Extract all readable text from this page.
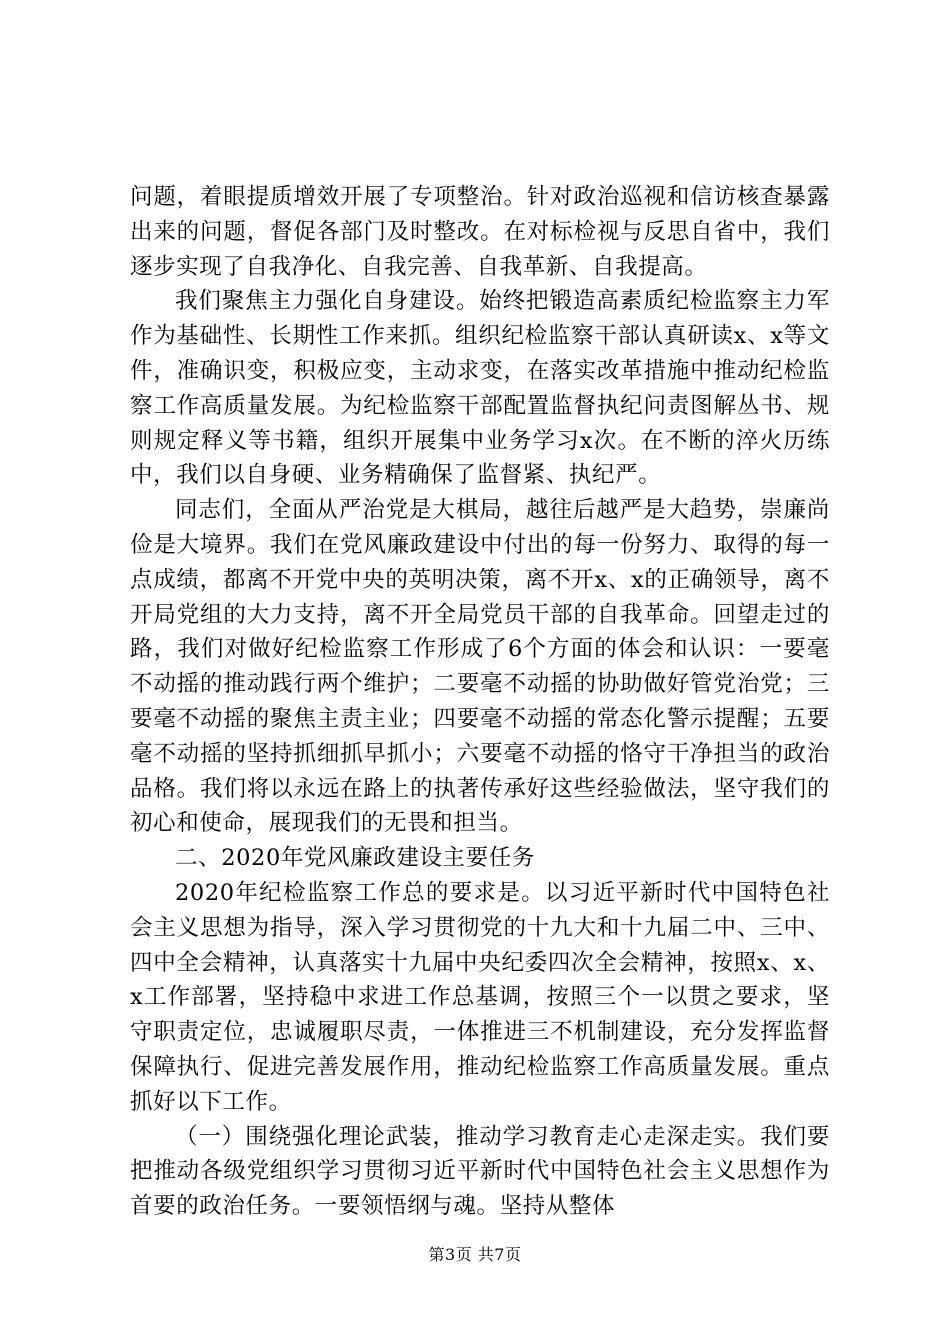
问题，着眼提质增效开展了专项整治。针对政治巡视和信访核查暴露出来的问题，督促各部门及时整改。在对标检视与反思自省中，我们逐步实现了自我净化、自我完善、自我革新、自我提高。

我们聚焦主力强化自身建设。始终把锻造高素质纪检监察主力军作为基础性、长期性工作来抓。组织纪检监察干部认真研读x、x等文件，准确识变，积极应变，主动求变，在落实改革措施中推动纪检监察工作高质量发展。为纪检监察干部配置监督执纪问责图解丛书、规则规定释义等书籍，组织开展集中业务学习x次。在不断的淬火历练中，我们以自身硬、业务精确保了监督紧、执纪严。

同志们，全面从严治党是大棋局，越往后越严是大趋势，崇廉尚俭是大境界。我们在党风廉政建设中付出的每一份努力、取得的每一点成绩，都离不开党中央的英明决策，离不开x、x的正确领导，离不开局党组的大力支持，离不开全局党员干部的自我革命。回望走过的路，我们对做好纪检监察工作形成了6个方面的体会和认识：一要毫不动摇的推动践行两个维护；二要毫不动摇的协助做好管党治党；三要毫不动摇的聚焦主责主业；四要毫不动摇的常态化警示提醒；五要毫不动摇的坚持抓细抓早抓小；六要毫不动摇的恪守干净担当的政治品格。我们将以永远在路上的执著传承好这些经验做法，坚守我们的初心和使命，展现我们的无畏和担当。

二、2020年党风廉政建设主要任务

2020年纪检监察工作总的要求是。以习近平新时代中国特色社会主义思想为指导，深入学习贯彻党的十九大和十九届二中、三中、四中全会精神，认真落实十九届中央纪委四次全会精神，按照x、x、x工作部署，坚持稳中求进工作总基调，按照三个一以贯之要求，坚守职责定位，忠诚履职尽责，一体推进三不机制建设，充分发挥监督保障执行、促进完善发展作用，推动纪检监察工作高质量发展。重点抓好以下工作。

（一）围绕强化理论武装，推动学习教育走心走深走实。我们要把推动各级党组织学习贯彻习近平新时代中国特色社会主义思想作为首要的政治任务。一要领悟纲与魂。坚持从整体

第3页 共7页
